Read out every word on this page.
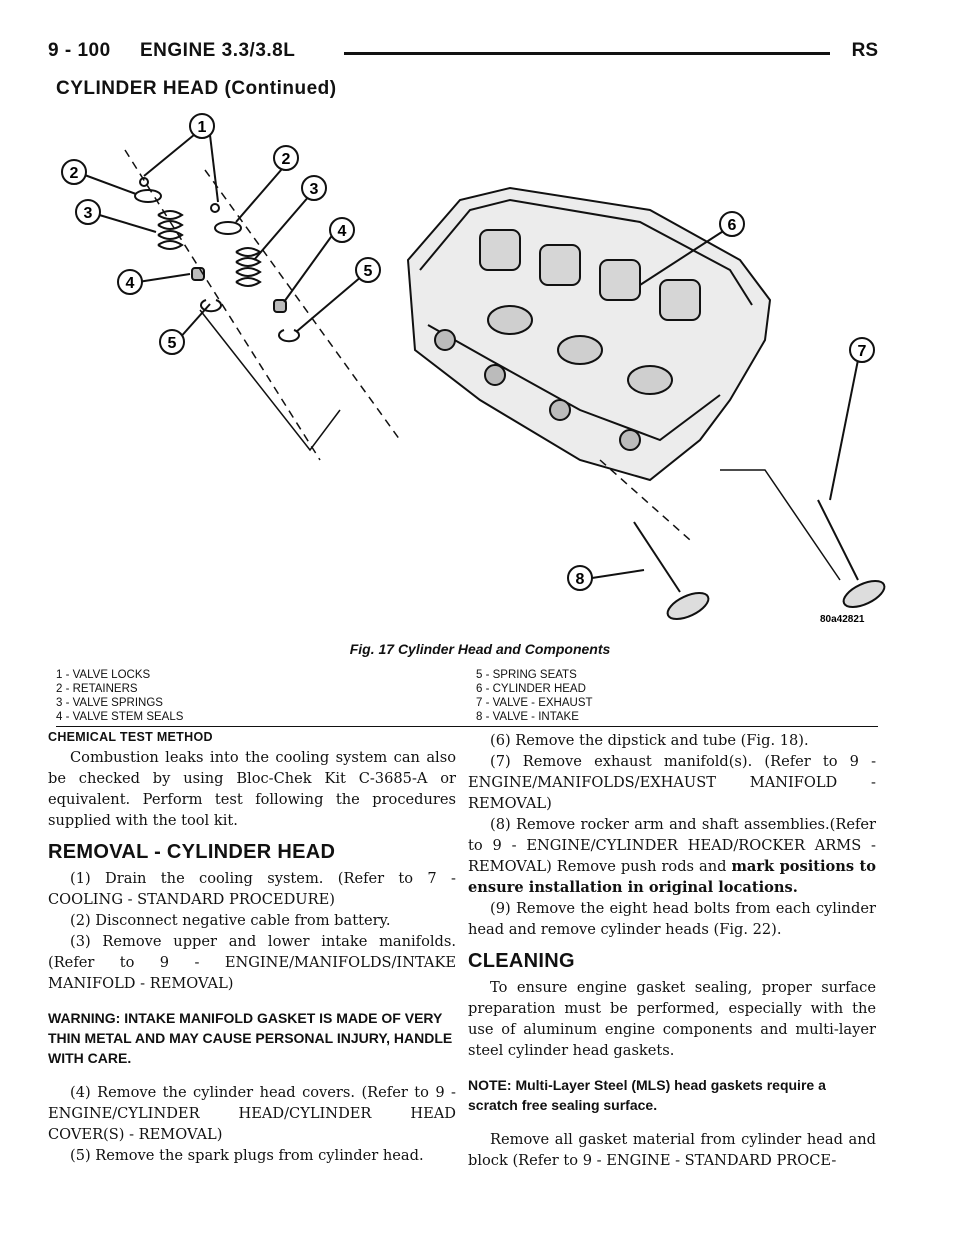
9 - 100 ENGINE 3.3/3.8L	RS
CYLINDER HEAD (Continued)
1
2
3
4
5
2
3
4
5
6
7
8
80a42821
Fig. 17 Cylinder Head and Components
1 - VALVE LOCKS
2 - RETAINERS
3 - VALVE SPRINGS
4 - VALVE STEM SEALS
5 - SPRING SEATS
6 - CYLINDER HEAD
7 - VALVE - EXHAUST
8 - VALVE - INTAKE
CHEMICAL TEST METHOD

Combustion leaks into the cooling system can also be checked by using Bloc-Chek Kit C-3685-A or equivalent. Perform test following the procedures supplied with the tool kit.

REMOVAL - CYLINDER HEAD

(1) Drain the cooling system. (Refer to 7 - COOLING - STANDARD PROCEDURE)

(2) Disconnect negative cable from battery.

(3) Remove upper and lower intake manifolds. (Refer to 9 - ENGINE/MANIFOLDS/INTAKE MANIFOLD - REMOVAL)

WARNING: INTAKE MANIFOLD GASKET IS MADE OF VERY THIN METAL AND MAY CAUSE PERSONAL INJURY, HANDLE WITH CARE.

(4) Remove the cylinder head covers. (Refer to 9 - ENGINE/CYLINDER HEAD/CYLINDER HEAD COVER(S) - REMOVAL)

(5) Remove the spark plugs from cylinder head.

(6) Remove the dipstick and tube (Fig. 18).

(7) Remove exhaust manifold(s). (Refer to 9 - ENGINE/MANIFOLDS/EXHAUST MANIFOLD - REMOVAL)

(8) Remove rocker arm and shaft assemblies.(Refer to 9 - ENGINE/CYLINDER HEAD/ROCKER ARMS - REMOVAL) Remove push rods and mark positions to ensure installation in original locations.

(9) Remove the eight head bolts from each cylinder head and remove cylinder heads (Fig. 22).

CLEANING

To ensure engine gasket sealing, proper surface preparation must be performed, especially with the use of aluminum engine components and multi-layer steel cylinder head gaskets.

NOTE: Multi-Layer Steel (MLS) head gaskets require a scratch free sealing surface.

Remove all gasket material from cylinder head and block (Refer to 9 - ENGINE - STANDARD PROCE-
